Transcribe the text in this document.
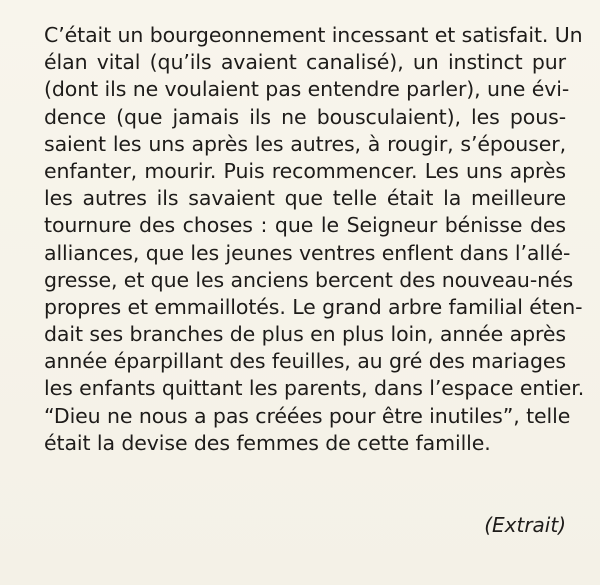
C’était un bourgeonnement incessant et satisfait. Un
élan vital (qu’ils avaient canalisé), un instinct pur
(dont ils ne voulaient pas entendre parler), une évi-
dence (que jamais ils ne bousculaient), les pous-
saient les uns après les autres, à rougir, s’épouser,
enfanter, mourir. Puis recommencer. Les uns après
les autres ils savaient que telle était la meilleure
tournure des choses : que le Seigneur bénisse des
alliances, que les jeunes ventres enflent dans l’allé-
gresse, et que les anciens bercent des nouveau-nés
propres et emmaillotés. Le grand arbre familial éten-
dait ses branches de plus en plus loin, année après
année éparpillant des feuilles, au gré des mariages
les enfants quittant les parents, dans l’espace entier.
“Dieu ne nous a pas créées pour être inutiles”, telle
était la devise des femmes de cette famille.
(Extrait)
